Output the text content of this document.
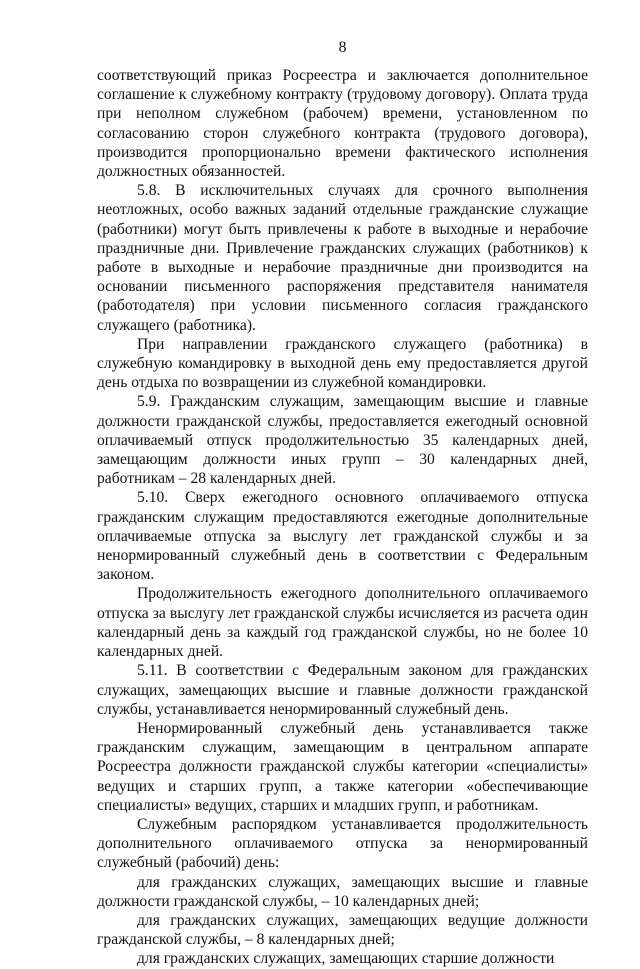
8

соответствующий приказ Росреестра и заключается дополнительное соглашение к служебному контракту (трудовому договору). Оплата труда при неполном служебном (рабочем) времени, установленном по согласованию сторон служебного контракта (трудового договора), производится пропорционально времени фактического исполнения должностных обязанностей.

5.8. В исключительных случаях для срочного выполнения неотложных, особо важных заданий отдельные гражданские служащие (работники) могут быть привлечены к работе в выходные и нерабочие праздничные дни. Привлечение гражданских служащих (работников) к работе в выходные и нерабочие праздничные дни производится на основании письменного распоряжения представителя нанимателя (работодателя) при условии письменного согласия гражданского служащего (работника).

При направлении гражданского служащего (работника) в служебную командировку в выходной день ему предоставляется другой день отдыха по возвращении из служебной командировки.

5.9. Гражданским служащим, замещающим высшие и главные должности гражданской службы, предоставляется ежегодный основной оплачиваемый отпуск продолжительностью 35 календарных дней, замещающим должности иных групп – 30 календарных дней, работникам – 28 календарных дней.

5.10. Сверх ежегодного основного оплачиваемого отпуска гражданским служащим предоставляются ежегодные дополнительные оплачиваемые отпуска за выслугу лет гражданской службы и за ненормированный служебный день в соответствии с Федеральным законом.

Продолжительность ежегодного дополнительного оплачиваемого отпуска за выслугу лет гражданской службы исчисляется из расчета один календарный день за каждый год гражданской службы, но не более 10 календарных дней.

5.11. В соответствии с Федеральным законом для гражданских служащих, замещающих высшие и главные должности гражданской службы, устанавливается ненормированный служебный день.

Ненормированный служебный день устанавливается также гражданским служащим, замещающим в центральном аппарате Росреестра должности гражданской службы категории «специалисты» ведущих и старших групп, а также категории «обеспечивающие специалисты» ведущих, старших и младших групп, и работникам.

Служебным распорядком устанавливается продолжительность дополнительного оплачиваемого отпуска за ненормированный служебный (рабочий) день:

для гражданских служащих, замещающих высшие и главные должности гражданской службы, – 10 календарных дней;

для гражданских служащих, замещающих ведущие должности гражданской службы, – 8 календарных дней;

для гражданских служащих, замещающих старшие должности
